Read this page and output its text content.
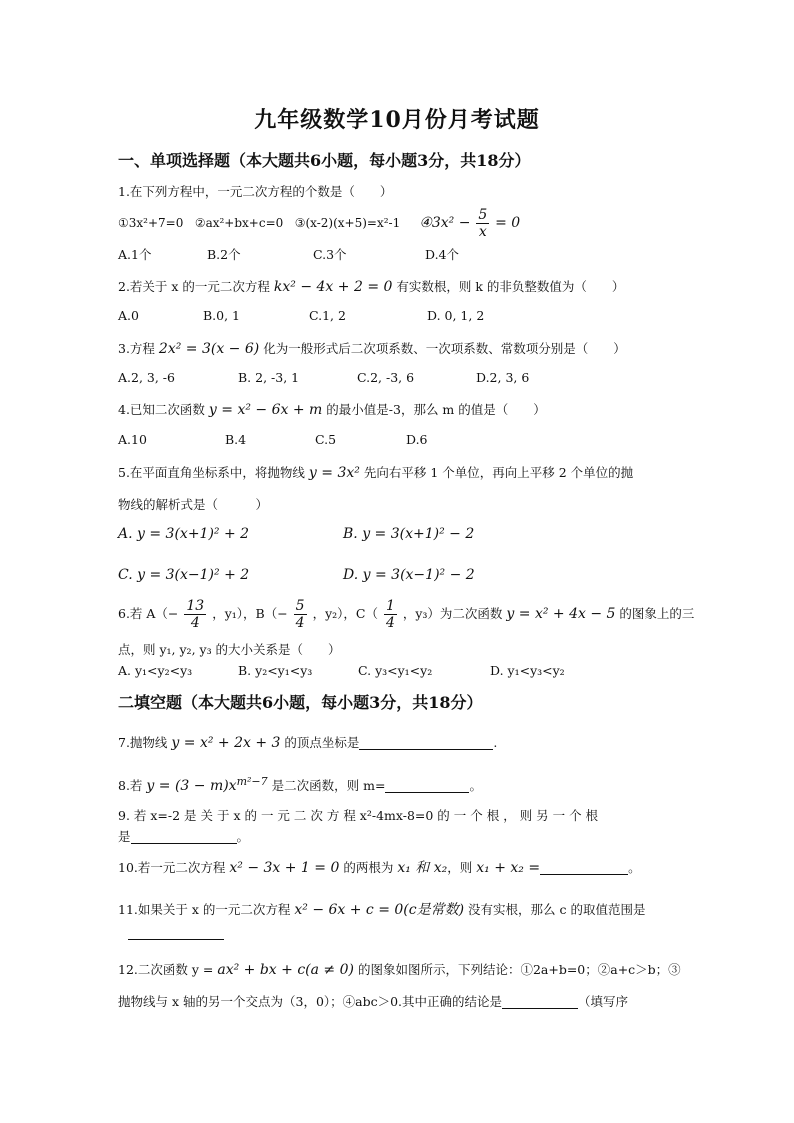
九年级数学10月份月考试题
一、单项选择题（本大题共6小题，每小题3分，共18分）
1.在下列方程中，一元二次方程的个数是（　　）
①3x²+7=0 ②ax²+bx+c=0 ③(x-2)(x+5)=x²-1 ④3x² − $\frac{5}{x} = 0$
A.1个	B.2个	C.3个	D.4个
2.若关于 x 的一元二次方程 kx² − 4x + 2 = 0 有实数根，则 k 的非负整数值为（　　）
A.0	B.0, 1	C.1, 2	D. 0, 1, 2
3.方程 2x² = 3(x − 6) 化为一般形式后二次项系数、一次项系数、常数项分别是（　　）
A.2, 3, -6	B. 2, -3, 1	C.2, -3, 6	D.2, 3, 6
4.已知二次函数 y = x² − 6x + m 的最小值是-3，那么 m 的值是（　　）
A.10	B.4	C.5	D.6
5.在平面直角坐标系中，将抛物线 y = 3x² 先向右平移 1 个单位，再向上平移 2 个单位的抛
物线的解析式是（　　　）
A. y = 3(x+1)² + 2	B. y = 3(x+1)² − 2
C. y = 3(x−1)² + 2	D. y = 3(x−1)² − 2
6.若 $A(- \frac{13}{4}$ ，y₁），$B(- \frac{5}{4}$ ，y₂），$C( \frac{1}{4}$ ，y₃）为二次函数 y = x² + 4x − 5 的图象上的三
点，则 y₁, y₂, y₃ 的大小关系是（　　）
A. y₁<y₂<y₃	B. y₂<y₁<y₃	C. y₃<y₁<y₂	D. y₁<y₃<y₂
二填空题（本大题共6小题，每小题3分，共18分）
7.抛物线 y = x² + 2x + 3 的顶点坐标是	.
8.若 $y = (3 - m)x^{m^2-7}$ 是二次函数，则 m=	。
9. 若 x=-2 是 关 于 x 的 一 元 二 次 方 程 x²-4mx-8=0 的 一 个 根 ， 则 另 一 个 根
是	。
10.若一元二次方程 x² − 3x + 1 = 0 的两根为 x₁ 和 x₂，则 x₁ + x₂ =	。
11.如果关于 x 的一元二次方程 x² − 6x + c = 0(c是常数) 没有实根，那么 c 的取值范围是
12.二次函数 y = ax² + bx + c(a ≠ 0) 的图象如图所示，下列结论：①2a+b=0；②a+c＞b；③
抛物线与 x 轴的另一个交点为（3，0）；④abc＞0.其中正确的结论是	（填写序
